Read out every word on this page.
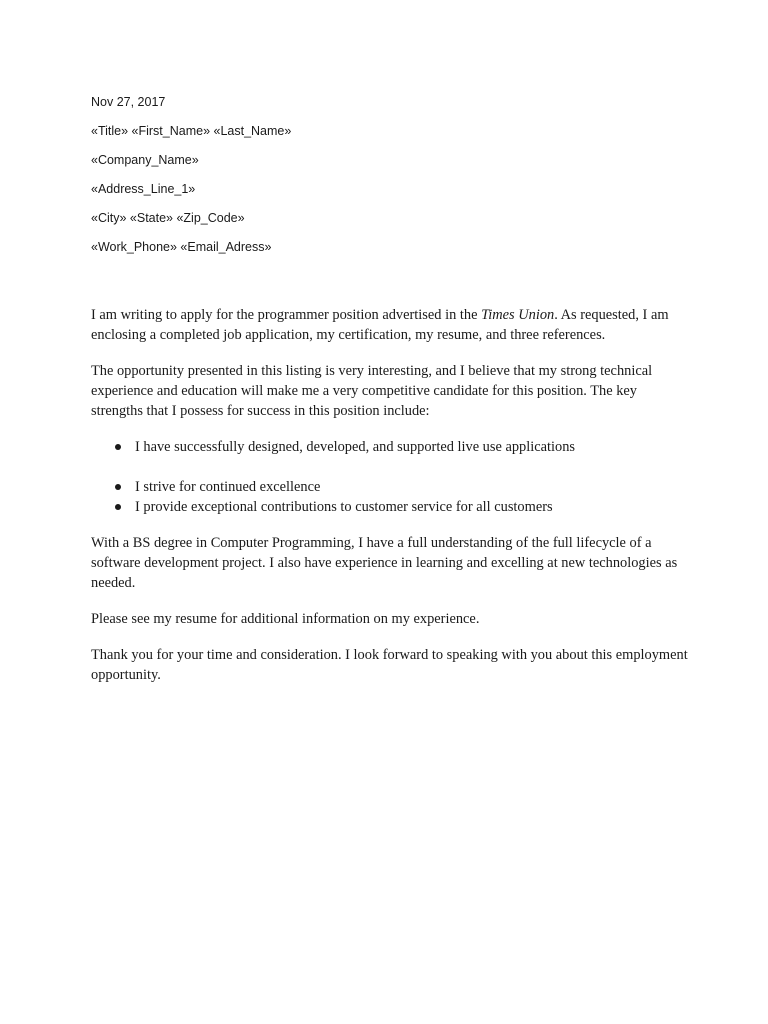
Nov 27, 2017
«Title» «First_Name» «Last_Name»
«Company_Name»
«Address_Line_1»
«City» «State» «Zip_Code»
«Work_Phone» «Email_Adress»

I am writing to apply for the programmer position advertised in the Times Union. As requested, I am enclosing a completed job application, my certification, my resume, and three references.

The opportunity presented in this listing is very interesting, and I believe that my strong technical experience and education will make me a very competitive candidate for this position. The key strengths that I possess for success in this position include:

I have successfully designed, developed, and supported live use applications
I strive for continued excellence
I provide exceptional contributions to customer service for all customers

With a BS degree in Computer Programming, I have a full understanding of the full lifecycle of a software development project. I also have experience in learning and excelling at new technologies as needed.

Please see my resume for additional information on my experience.

Thank you for your time and consideration. I look forward to speaking with you about this employment opportunity.
